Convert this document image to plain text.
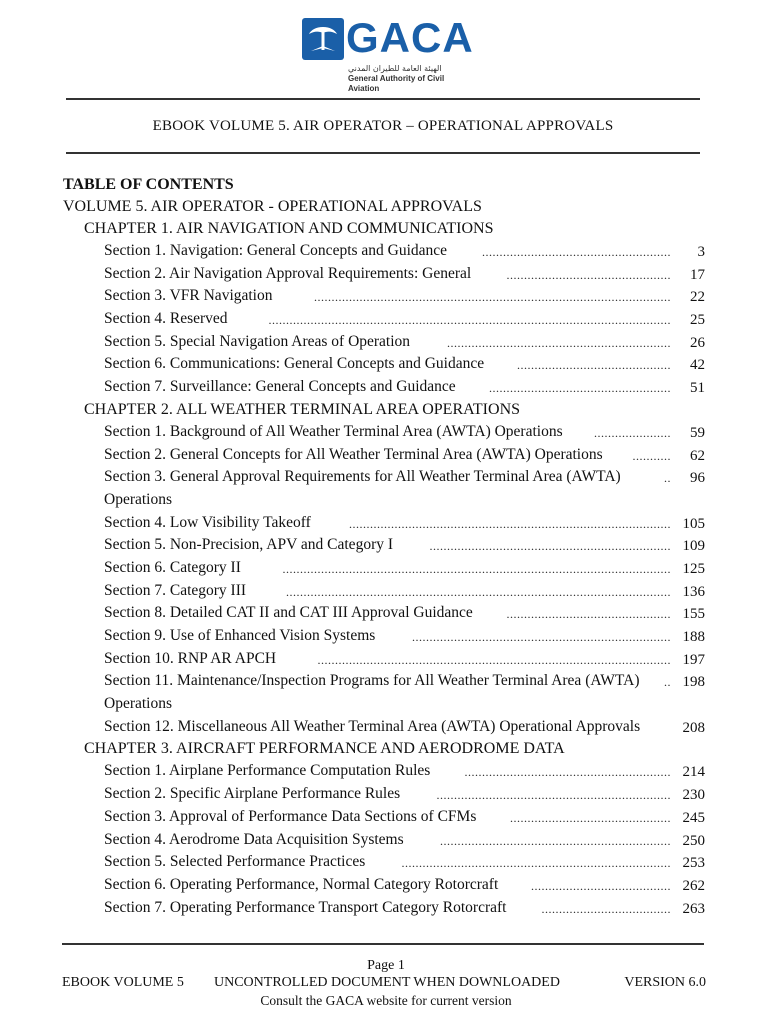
GACA
الهيئة العامة للطيران المدني
General Authority of Civil Aviation
EBOOK VOLUME 5. AIR OPERATOR – OPERATIONAL APPROVALS
TABLE OF CONTENTS
VOLUME 5. AIR OPERATOR - OPERATIONAL APPROVALS
CHAPTER 1. AIR NAVIGATION AND COMMUNICATIONS
Section 1. Navigation: General Concepts and Guidance	......................................................	3
Section 2. Air Navigation Approval Requirements: General	...............................................	17
Section 3. VFR Navigation	......................................................................................................	22
Section 4. Reserved	...................................................................................................................	25
Section 5. Special Navigation Areas of Operation	................................................................	26
Section 6. Communications: General Concepts and Guidance	............................................	42
Section 7. Surveillance: General Concepts and Guidance	....................................................	51
CHAPTER 2. ALL WEATHER TERMINAL AREA OPERATIONS
Section 1. Background of All Weather Terminal Area (AWTA) Operations	......................	59
Section 2. General Concepts for All Weather Terminal Area (AWTA) Operations ...........	62
Section 3. General Approval Requirements for All Weather Terminal Area (AWTA) Operations
..	96
Section 4. Low Visibility Takeoff	............................................................................................ 105
Section 5. Non-Precision, APV and Category I	..................................................................... 109
Section 6. Category II	............................................................................................................... 125
Section 7. Category III	.............................................................................................................. 136
Section 8. Detailed CAT II and CAT III Approval Guidance	............................................... 155
Section 9. Use of Enhanced Vision Systems	.......................................................................... 188
Section 10. RNP AR APCH	..................................................................................................... 197
Section 11. Maintenance/Inspection Programs for All Weather Terminal Area (AWTA) Operations
.. 198
Section 12. Miscellaneous All Weather Terminal Area (AWTA) Operational Approvals	208
CHAPTER 3. AIRCRAFT PERFORMANCE AND AERODROME DATA
Section 1. Airplane Performance Computation Rules	........................................................... 214
Section 2. Specific Airplane Performance Rules	................................................................... 230
Section 3. Approval of Performance Data Sections of CFMs	.............................................. 245
Section 4. Aerodrome Data Acquisition Systems	.................................................................. 250
Section 5. Selected Performance Practices	............................................................................. 253
Section 6. Operating Performance, Normal Category Rotorcraft	........................................ 262
Section 7. Operating Performance Transport Category Rotorcraft	..................................... 263
Page 1
EBOOK VOLUME 5 UNCONTROLLED DOCUMENT WHEN DOWNLOADED	VERSION 6.0
Consult the GACA website for current version
